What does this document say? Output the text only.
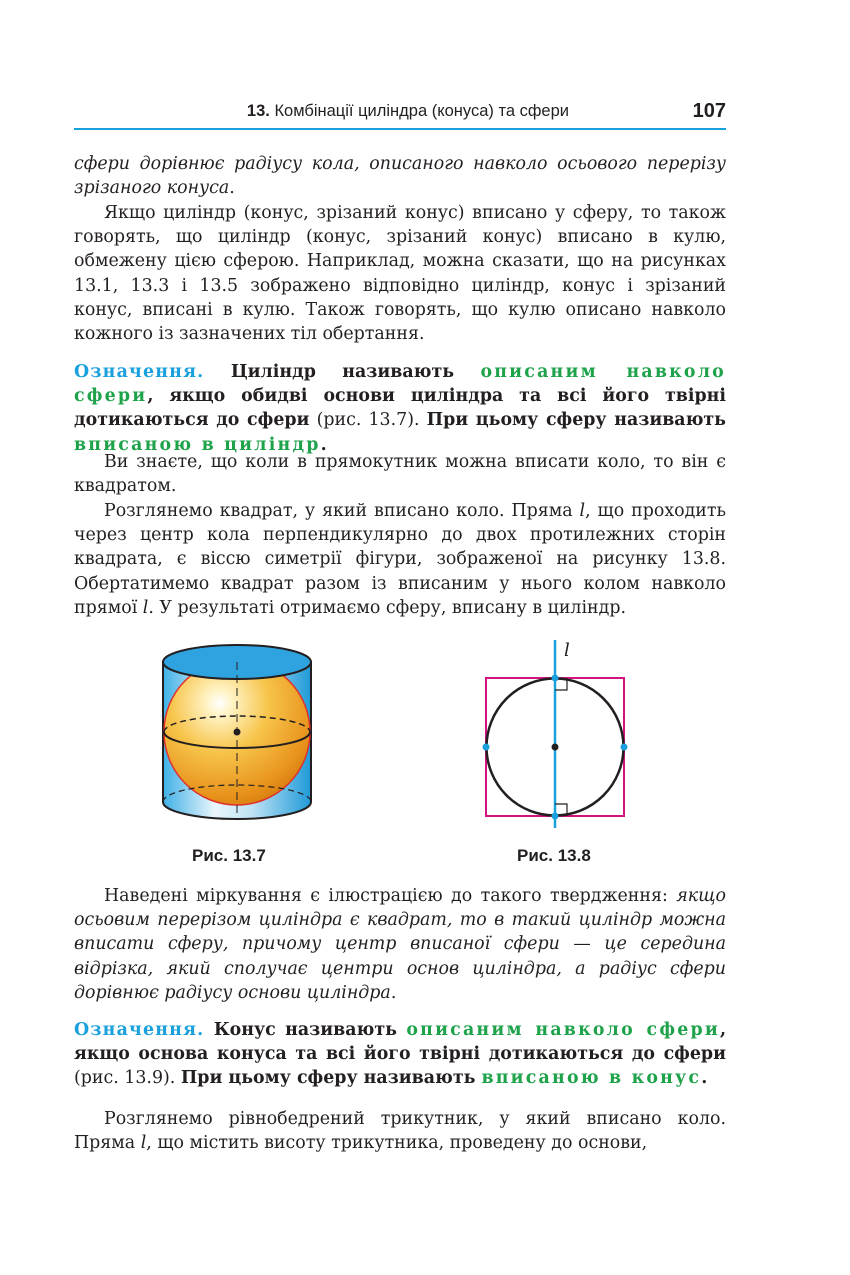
13. Комбінації циліндра (конуса) та сфери	107

сфери дорівнює радіусу кола, описаного навколо осьового перерізу зрізаного конуса.

Якщо циліндр (конус, зрізаний конус) вписано у сферу, то також говорять, що циліндр (конус, зрізаний конус) вписано в кулю, обмежену цією сферою. Наприклад, можна сказати, що на рисунках 13.1, 13.3 і 13.5 зображено відповідно циліндр, конус і зрізаний конус, вписані в кулю. Також говорять, що кулю описано навколо кожного із зазначених тіл обертання.

Означення. Циліндр називають описаним навколо сфери, якщо обидві основи циліндра та всі його твірні дотикаються до сфери (рис. 13.7). При цьому сферу називають вписаною в циліндр.

Ви знаєте, що коли в прямокутник можна вписати коло, то він є квадратом.

Розглянемо квадрат, у який вписано коло. Пряма l, що проходить через центр кола перпендикулярно до двох протилежних сторін квадрата, є віссю симетрії фігури, зображеної на рисунку 13.8. Обертатимемо квадрат разом із вписаним у нього колом навколо прямої l. У результаті отримаємо сферу, вписану в циліндр.

Рис. 13.7
l
Рис. 13.8

Наведені міркування є ілюстрацією до такого твердження: якщо осьовим перерізом циліндра є квадрат, то в такий циліндр можна вписати сферу, причому центр вписаної сфери — це середина відрізка, який сполучає центри основ циліндра, а радіус сфери дорівнює радіусу основи циліндра.

Означення. Конус називають описаним навколо сфери, якщо основа конуса та всі його твірні дотикаються до сфери (рис. 13.9). При цьому сферу називають вписаною в конус.

Розглянемо рівнобедрений трикутник, у який вписано коло. Пряма l, що містить висоту трикутника, проведену до основи,
